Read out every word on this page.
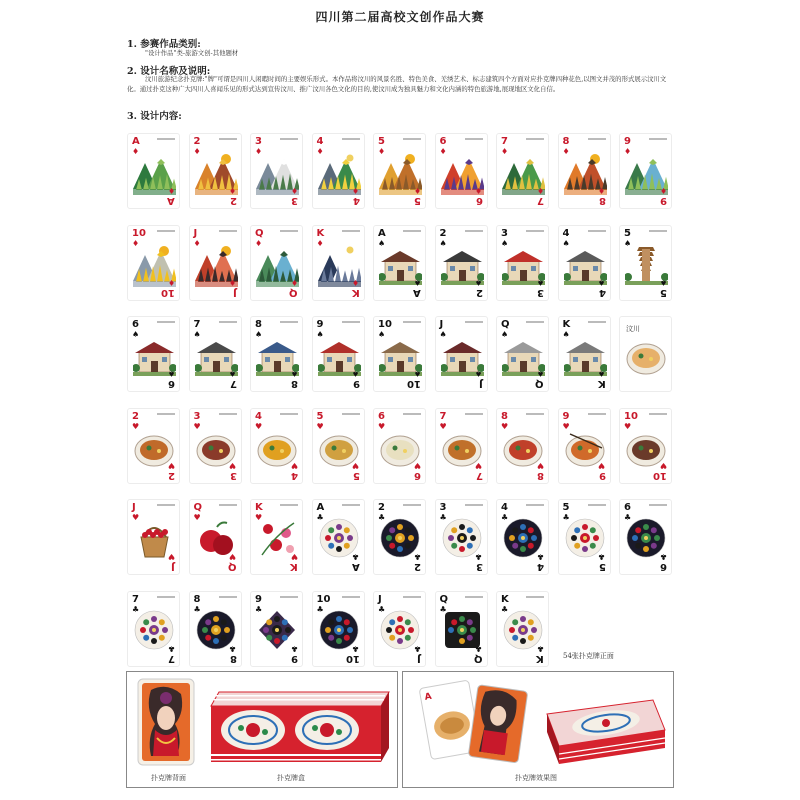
四川第二届高校文创作品大赛
1. 参赛作品类别:
"设计作品"类-旅游文创-其他题材
2. 设计名称及说明:
汶川旅游纪念扑克牌:"牌"可谓是四川人闲暇时间的主要娱乐形式。本作品将汶川的风景名胜、特色美食、羌绣艺术、标志建筑四个方面对应扑克牌四种花色,以图文并茂的形式展示汶川文化。通过扑克这种广大四川人喜闻乐见的形式达到宣传汶川、推广汶川各色文化的目的,使汶川成为独具魅力和文化内涵的特色旅游地,展现地区文化自信。
3. 设计内容:
A
♦
A
♦
2
♦
2
♦
3
♦
3
♦
4
♦
4
♦
5
♦
5
♦
6
♦
6
♦
7
♦
7
♦
8
♦
8
♦
9
♦
9
♦
10
♦
10
♦
J
♦
J
♦
Q
♦
Q
♦
K
♦
K
♦
A
♠
A
♠
2
♠
2
♠
3
♠
3
♠
4
♠
4
♠
5
♠
5
♠
6
♠
6
♠
7
♠
7
♠
8
♠
8
♠
9
♠
9
♠
10
♠
10
♠
J
♠
J
♠
Q
♠
Q
♠
K
♠
K
♠
汶川
2
♥
2
♥
3
♥
3
♥
4
♥
4
♥
5
♥
5
♥
6
♥
6
♥
7
♥
7
♥
8
♥
8
♥
9
♥
9
♥
10
♥
10
♥
J
♥
J
♥
Q
♥
Q
♥
K
♥
K
♥
A
♣
A
♣
2
♣
2
♣
3
♣
3
♣
4
♣
4
♣
5
♣
5
♣
6
♣
6
♣
7
♣
7
♣
8
♣
8
♣
9
♣
9
♣
10
♣
10
♣
J
♣
J
♣
Q
♣
Q
♣
K
♣
K
♣
54张扑克牌正面
扑克牌背面	扑克牌盒
A
扑克牌效果图
